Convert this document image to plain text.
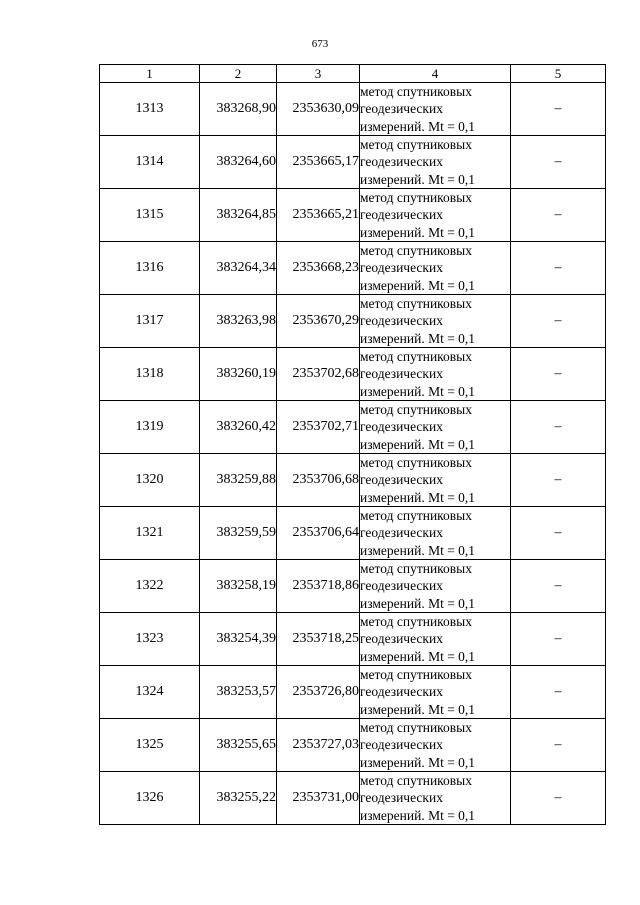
673
1	2	3	4	5
1313	383268,90	2353630,09	метод спутниковых
геодезических
измерений. Mt = 0,1	–
1314	383264,60	2353665,17	метод спутниковых
геодезических
измерений. Mt = 0,1	–
1315	383264,85	2353665,21	метод спутниковых
геодезических
измерений. Mt = 0,1	–
1316	383264,34	2353668,23	метод спутниковых
геодезических
измерений. Mt = 0,1	–
1317	383263,98	2353670,29	метод спутниковых
геодезических
измерений. Mt = 0,1	–
1318	383260,19	2353702,68	метод спутниковых
геодезических
измерений. Mt = 0,1	–
1319	383260,42	2353702,71	метод спутниковых
геодезических
измерений. Mt = 0,1	–
1320	383259,88	2353706,68	метод спутниковых
геодезических
измерений. Mt = 0,1	–
1321	383259,59	2353706,64	метод спутниковых
геодезических
измерений. Mt = 0,1	–
1322	383258,19	2353718,86	метод спутниковых
геодезических
измерений. Mt = 0,1	–
1323	383254,39	2353718,25	метод спутниковых
геодезических
измерений. Mt = 0,1	–
1324	383253,57	2353726,80	метод спутниковых
геодезических
измерений. Mt = 0,1	–
1325	383255,65	2353727,03	метод спутниковых
геодезических
измерений. Mt = 0,1	–
1326	383255,22	2353731,00	метод спутниковых
геодезических
измерений. Mt = 0,1	–
